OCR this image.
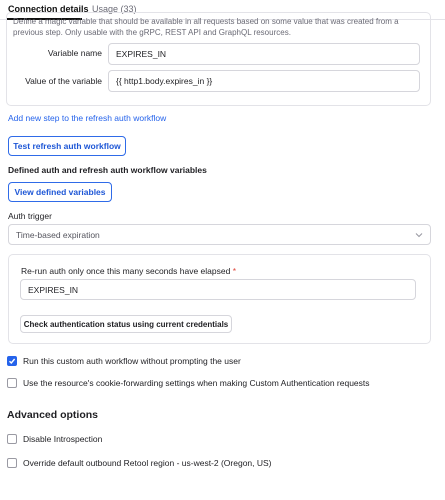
Connection details Usage (33)
Define a magic variable that should be available in all requests based on some value that was created from a previous step. Only usable with the gRPC, REST API and GraphQL resources.
Variable name EXPIRES_IN
Value of the variable {{ http1.body.expires_in }}
Add new step to the refresh auth workflow
Test refresh auth workflow
Defined auth and refresh auth workflow variables
View defined variables
Auth trigger
Time-based expiration
Re-run auth only once this many seconds have elapsed *
EXPIRES_IN
Check authentication status using current credentials
Run this custom auth workflow without prompting the user
Use the resource's cookie-forwarding settings when making Custom Authentication requests
Advanced options
Disable Introspection
Override default outbound Retool region - us-west-2 (Oregon, US)
